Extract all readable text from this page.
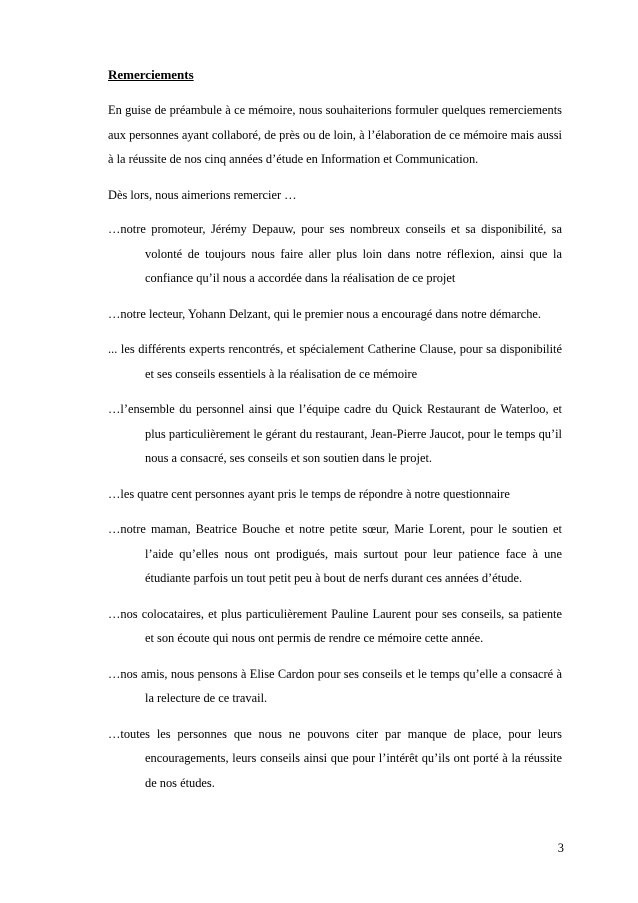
Remerciements

En guise de préambule à ce mémoire, nous souhaiterions formuler quelques remerciements aux personnes ayant collaboré, de près ou de loin, à l’élaboration de ce mémoire mais aussi à la réussite de nos cinq années d’étude en Information et Communication.

Dès lors, nous aimerions remercier …

…notre promoteur, Jérémy Depauw, pour ses nombreux conseils et sa disponibilité, sa volonté de toujours nous faire aller plus loin dans notre réflexion, ainsi que la confiance qu’il nous a accordée dans la réalisation de ce projet

…notre lecteur, Yohann Delzant, qui le premier nous a encouragé dans notre démarche.

... les différents experts rencontrés, et spécialement Catherine Clause, pour sa disponibilité et ses conseils essentiels à la réalisation de ce mémoire

…l’ensemble du personnel ainsi que l’équipe cadre du Quick Restaurant de Waterloo, et plus particulièrement le gérant du restaurant, Jean-Pierre Jaucot, pour le temps qu’il nous a consacré, ses conseils et son soutien dans le projet.

…les quatre cent personnes ayant pris le temps de répondre à notre questionnaire

…notre maman, Beatrice Bouche et notre petite sœur, Marie Lorent, pour le soutien et l’aide qu’elles nous ont prodigués, mais surtout pour leur patience face à une étudiante parfois un tout petit peu à bout de nerfs durant ces années d’étude.

…nos colocataires, et plus particulièrement Pauline Laurent pour ses conseils, sa patiente et son écoute qui nous ont permis de rendre ce mémoire cette année.

…nos amis, nous pensons à Elise Cardon pour ses conseils et le temps qu’elle a consacré à la relecture de ce travail.

…toutes les personnes que nous ne pouvons citer par manque de place, pour leurs encouragements, leurs conseils ainsi que pour l’intérêt qu’ils ont porté à la réussite de nos études.

3
